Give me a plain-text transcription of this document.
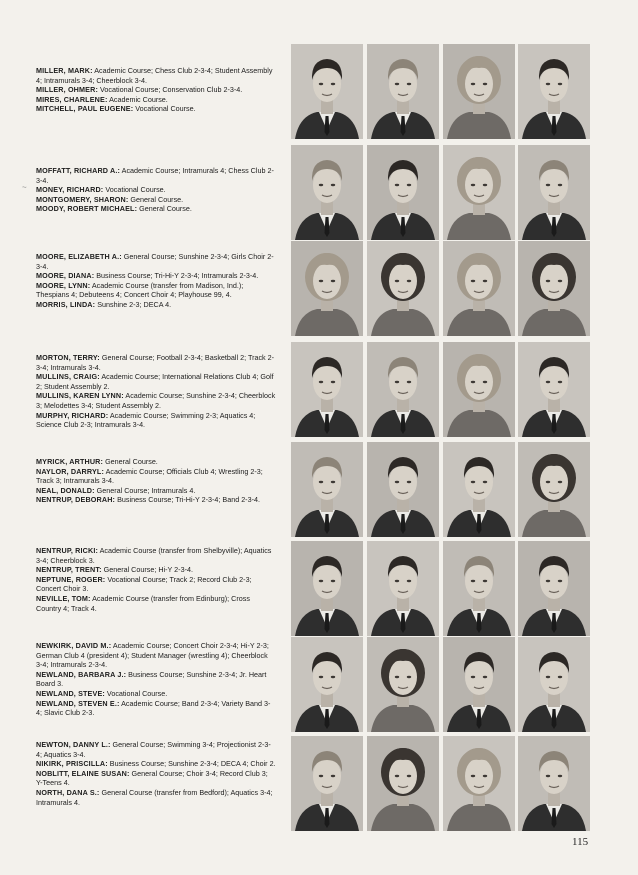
~

MILLER, MARK: Academic Course; Chess Club 2-3-4; Student Assembly 4; Intramurals 3-4; Cheerblock 3-4.

MILLER, OHMER: Vocational Course; Conservation Club 2-3-4.

MIRES, CHARLENE: Academic Course.

MITCHELL, PAUL EUGENE: Vocational Course.

MOFFATT, RICHARD A.: Academic Course; Intramurals 4; Chess Club 2-3-4.

MONEY, RICHARD: Vocational Course.

MONTGOMERY, SHARON: General Course.

MOODY, ROBERT MICHAEL: General Course.

MOORE, ELIZABETH A.: General Course; Sunshine 2-3-4; Girls Choir 2-3-4.

MOORE, DIANA: Business Course; Tri-Hi-Y 2-3-4; Intramurals 2-3-4.

MOORE, LYNN: Academic Course (transfer from Madison, Ind.); Thespians 4; Debuteens 4; Concert Choir 4; Playhouse 99, 4.

MORRIS, LINDA: Sunshine 2-3; DECA 4.

MORTON, TERRY: General Course; Football 2-3-4; Basketball 2; Track 2-3-4; Intramurals 3-4.

MULLINS, CRAIG: Academic Course; International Relations Club 4; Golf 2; Student Assembly 2.

MULLINS, KAREN LYNN: Academic Course; Sunshine 2-3-4; Cheerblock 3; Melodettes 3-4; Student Assembly 2.

MURPHY, RICHARD: Academic Course; Swimming 2-3; Aquatics 4; Science Club 2-3; Intramurals 3-4.

MYRICK, ARTHUR: General Course.

NAYLOR, DARRYL: Academic Course; Officials Club 4; Wrestling 2-3; Track 3; Intramurals 3-4.

NEAL, DONALD: General Course; Intramurals 4.

NENTRUP, DEBORAH: Business Course; Tri-Hi-Y 2-3-4; Band 2-3-4.

NENTRUP, RICKI: Academic Course (transfer from Shelbyville); Aquatics 3-4; Cheerblock 3.

NENTRUP, TRENT: General Course; Hi-Y 2-3-4.

NEPTUNE, ROGER: Vocational Course; Track 2; Record Club 2-3; Concert Choir 3.

NEVILLE, TOM: Academic Course (transfer from Edinburg); Cross Country 4; Track 4.

NEWKIRK, DAVID M.: Academic Course; Concert Choir 2-3-4; Hi-Y 2-3; German Club 4 (president 4); Student Manager (wrestling 4); Cheerblock 3-4; Intramurals 2-3-4.

NEWLAND, BARBARA J.: Business Course; Sunshine 2-3-4; Jr. Heart Board 3.

NEWLAND, STEVE: Vocational Course.

NEWLAND, STEVEN E.: Academic Course; Band 2-3-4; Variety Band 3-4; Slavic Club 2-3.

NEWTON, DANNY L.: General Course; Swimming 3-4; Projectionist 2-3-4; Aquatics 3-4.

NIKIRK, PRISCILLA: Business Course; Sunshine 2-3-4; DECA 4; Choir 2.

NOBLITT, ELAINE SUSAN: General Course; Choir 3-4; Record Club 3; Y-Teens 4.

NORTH, DANA S.: General Course (transfer from Bedford); Aquatics 3-4; Intramurals 4.

115
